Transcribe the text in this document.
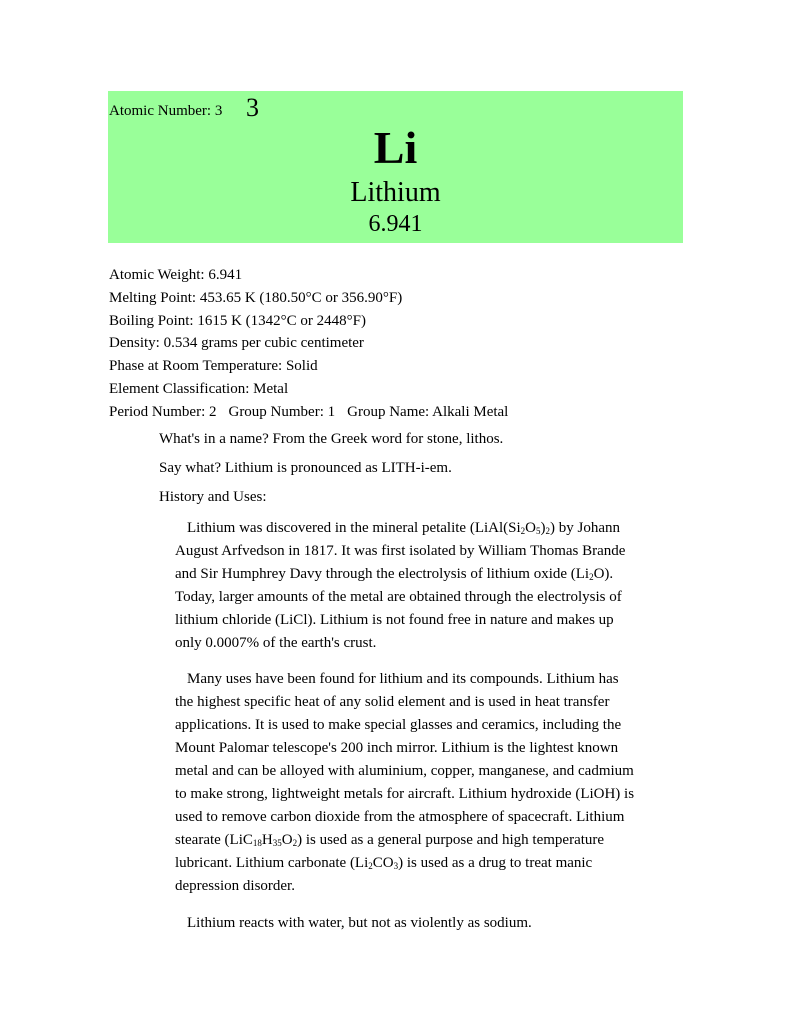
Atomic Number: 3 3
Li
Lithium
6.941
Atomic Weight: 6.941
Melting Point: 453.65 K (180.50°C or 356.90°F)
Boiling Point: 1615 K (1342°C or 2448°F)
Density: 0.534 grams per cubic centimeter
Phase at Room Temperature: Solid
Element Classification: Metal
Period Number: 2 Group Number: 1 Group Name: Alkali Metal
What's in a name? From the Greek word for stone, lithos.
Say what? Lithium is pronounced as LITH-i-em.
History and Uses:
Lithium was discovered in the mineral petalite $(LiAl(Si_2O_5)_2)$ by Johann August Arfvedson in 1817. It was first isolated by William Thomas Brande and Sir Humphrey Davy through the electrolysis of lithium oxide $(Li_2O)$. Today, larger amounts of the metal are obtained through the electrolysis of lithium chloride (LiCl). Lithium is not found free in nature and makes up only 0.0007% of the earth's crust.
Many uses have been found for lithium and its compounds. Lithium has the highest specific heat of any solid element and is used in heat transfer applications. It is used to make special glasses and ceramics, including the Mount Palomar telescope's 200 inch mirror. Lithium is the lightest known metal and can be alloyed with aluminium, copper, manganese, and cadmium to make strong, lightweight metals for aircraft. Lithium hydroxide (LiOH) is used to remove carbon dioxide from the atmosphere of spacecraft. Lithium stearate $(LiC_{18}H_{35}O_2)$ is used as a general purpose and high temperature lubricant. Lithium carbonate $(Li_2CO_3)$ is used as a drug to treat manic depression disorder.
Lithium reacts with water, but not as violently as sodium.
